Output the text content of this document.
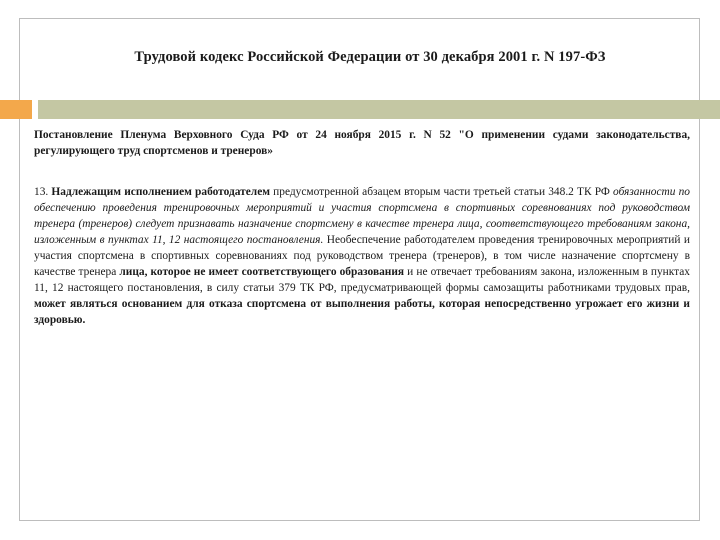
Трудовой кодекс Российской Федерации от 30 декабря 2001 г. N 197-ФЗ

Постановление Пленума Верховного Суда РФ от 24 ноября 2015 г. N 52 "О применении судами законодательства, регулирующего труд спортсменов и тренеров»

13. Надлежащим исполнением работодателем предусмотренной абзацем вторым части третьей статьи 348.2 ТК РФ обязанности по обеспечению проведения тренировочных мероприятий и участия спортсмена в спортивных соревнованиях под руководством тренера (тренеров) следует признавать назначение спортсмену в качестве тренера лица, соответствующего требованиям закона, изложенным в пунктах 11, 12 настоящего постановления. Необеспечение работодателем проведения тренировочных мероприятий и участия спортсмена в спортивных соревнованиях под руководством тренера (тренеров), в том числе назначение спортсмену в качестве тренера лица, которое не имеет соответствующего образования и не отвечает требованиям закона, изложенным в пунктах 11, 12 настоящего постановления, в силу статьи 379 ТК РФ, предусматривающей формы самозащиты работниками трудовых прав, может являться основанием для отказа спортсмена от выполнения работы, которая непосредственно угрожает его жизни и здоровью.
